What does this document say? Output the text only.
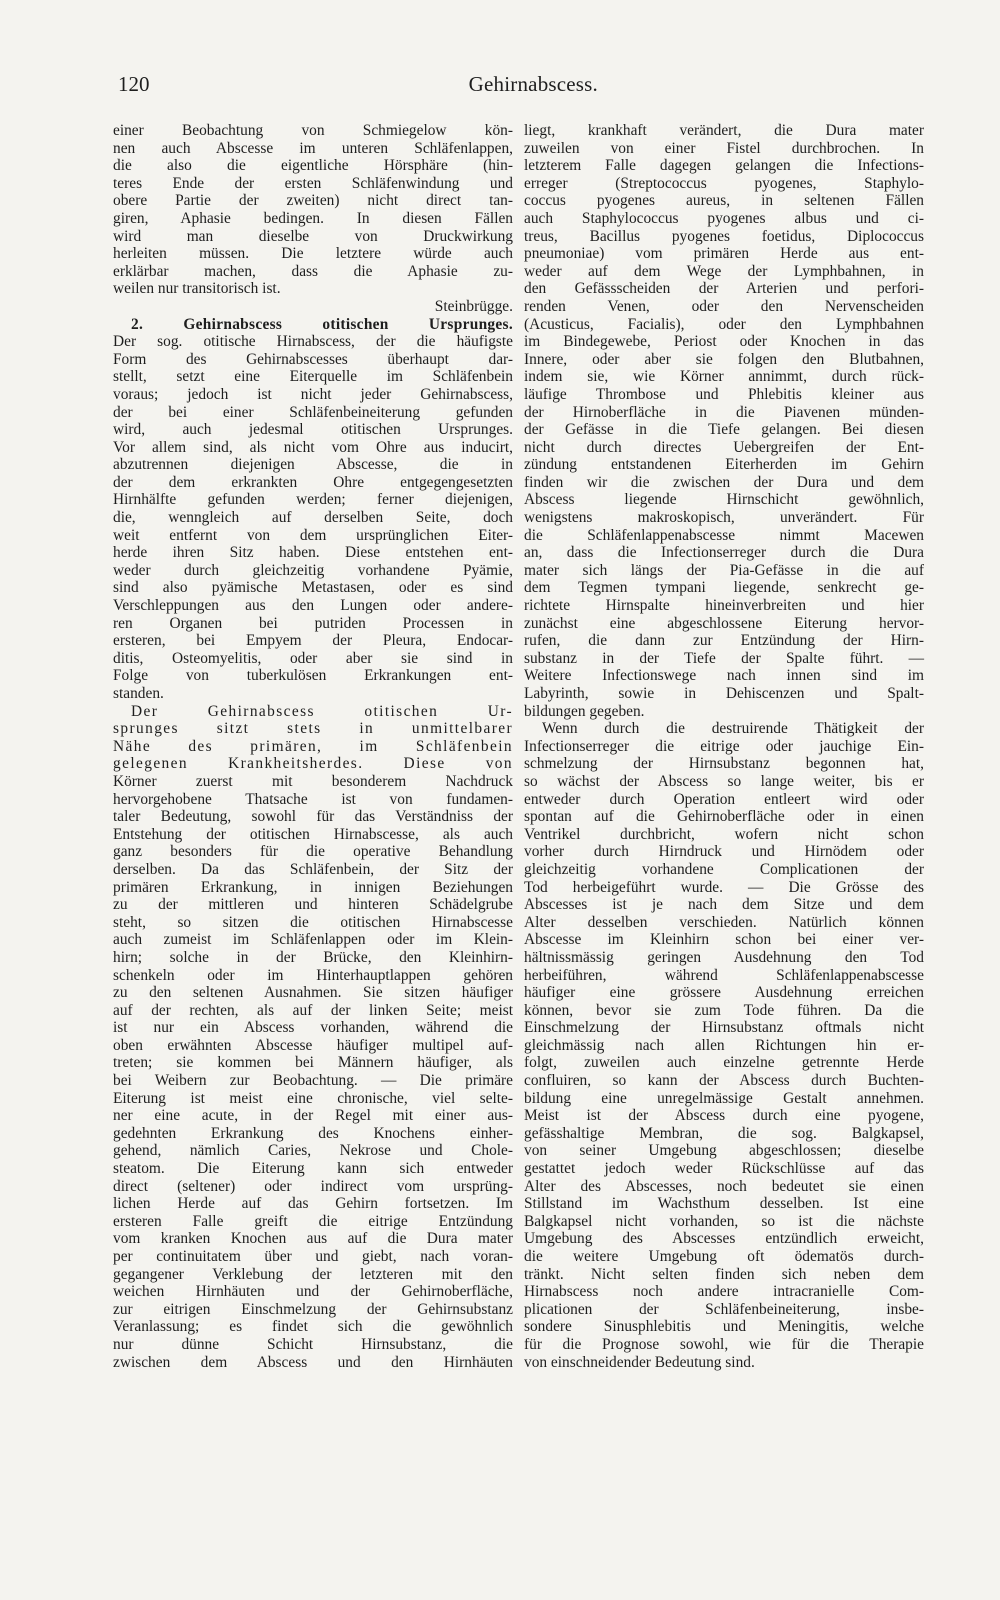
120	Gehirnabscess.
einer Beobachtung von Schmiegelow kön-
nen auch Abscesse im unteren Schläfenlappen,
die also die eigentliche Hörsphäre (hin-
teres Ende der ersten Schläfenwindung und
obere Partie der zweiten) nicht direct tan-
giren, Aphasie bedingen. In diesen Fällen
wird man dieselbe von Druckwirkung
herleiten müssen. Die letztere würde auch
erklärbar machen, dass die Aphasie zu-
weilen nur transitorisch ist.
Steinbrügge.
2. Gehirnabscess otitischen Ursprunges.
Der sog. otitische Hirnabscess, der die häufigste
Form des Gehirnabscesses überhaupt dar-
stellt, setzt eine Eiterquelle im Schläfenbein
voraus; jedoch ist nicht jeder Gehirnabscess,
der bei einer Schläfenbeineiterung gefunden
wird, auch jedesmal otitischen Ursprunges.
Vor allem sind, als nicht vom Ohre aus inducirt,
abzutrennen diejenigen Abscesse, die in
der dem erkrankten Ohre entgegengesetzten
Hirnhälfte gefunden werden; ferner diejenigen,
die, wenngleich auf derselben Seite, doch
weit entfernt von dem ursprünglichen Eiter-
herde ihren Sitz haben. Diese entstehen ent-
weder durch gleichzeitig vorhandene Pyämie,
sind also pyämische Metastasen, oder es sind
Verschleppungen aus den Lungen oder andere-
ren Organen bei putriden Processen in
ersteren, bei Empyem der Pleura, Endocar-
ditis, Osteomyelitis, oder aber sie sind in
Folge von tuberkulösen Erkrankungen ent-
standen.
Der Gehirnabscess otitischen Ur-
sprunges sitzt stets in unmittelbarer
Nähe des primären, im Schläfenbein
gelegenen Krankheitsherdes. Diese von
Körner zuerst mit besonderem Nachdruck
hervorgehobene Thatsache ist von fundamen-
taler Bedeutung, sowohl für das Verständniss der
Entstehung der otitischen Hirnabscesse, als auch
ganz besonders für die operative Behandlung
derselben. Da das Schläfenbein, der Sitz der
primären Erkrankung, in innigen Beziehungen
zu der mittleren und hinteren Schädelgrube
steht, so sitzen die otitischen Hirnabscesse
auch zumeist im Schläfenlappen oder im Klein-
hirn; solche in der Brücke, den Kleinhirn-
schenkeln oder im Hinterhauptlappen gehören
zu den seltenen Ausnahmen. Sie sitzen häufiger
auf der rechten, als auf der linken Seite; meist
ist nur ein Abscess vorhanden, während die
oben erwähnten Abscesse häufiger multipel auf-
treten; sie kommen bei Männern häufiger, als
bei Weibern zur Beobachtung. — Die primäre
Eiterung ist meist eine chronische, viel selte-
ner eine acute, in der Regel mit einer aus-
gedehnten Erkrankung des Knochens einher-
gehend, nämlich Caries, Nekrose und Chole-
steatom. Die Eiterung kann sich entweder
direct (seltener) oder indirect vom ursprüng-
lichen Herde auf das Gehirn fortsetzen. Im
ersteren Falle greift die eitrige Entzündung
vom kranken Knochen aus auf die Dura mater
per continuitatem über und giebt, nach voran-
gegangener Verklebung der letzteren mit den
weichen Hirnhäuten und der Gehirnoberfläche,
zur eitrigen Einschmelzung der Gehirnsubstanz
Veranlassung; es findet sich die gewöhnlich
nur dünne Schicht Hirnsubstanz, die
zwischen dem Abscess und den Hirnhäuten
liegt, krankhaft verändert, die Dura mater
zuweilen von einer Fistel durchbrochen. In
letzterem Falle dagegen gelangen die Infections-
erreger (Streptococcus pyogenes, Staphylo-
coccus pyogenes aureus, in seltenen Fällen
auch Staphylococcus pyogenes albus und ci-
treus, Bacillus pyogenes foetidus, Diplococcus
pneumoniae) vom primären Herde aus ent-
weder auf dem Wege der Lymphbahnen, in
den Gefässscheiden der Arterien und perfori-
renden Venen, oder den Nervenscheiden
(Acusticus, Facialis), oder den Lymphbahnen
im Bindegewebe, Periost oder Knochen in das
Innere, oder aber sie folgen den Blutbahnen,
indem sie, wie Körner annimmt, durch rück-
läufige Thrombose und Phlebitis kleiner aus
der Hirnoberfläche in die Piavenen münden-
der Gefässe in die Tiefe gelangen. Bei diesen
nicht durch directes Uebergreifen der Ent-
zündung entstandenen Eiterherden im Gehirn
finden wir die zwischen der Dura und dem
Abscess liegende Hirnschicht gewöhnlich,
wenigstens makroskopisch, unverändert. Für
die Schläfenlappenabscesse nimmt Macewen
an, dass die Infectionserreger durch die Dura
mater sich längs der Pia-Gefässe in die auf
dem Tegmen tympani liegende, senkrecht ge-
richtete Hirnspalte hineinverbreiten und hier
zunächst eine abgeschlossene Eiterung hervor-
rufen, die dann zur Entzündung der Hirn-
substanz in der Tiefe der Spalte führt. —
Weitere Infectionswege nach innen sind im
Labyrinth, sowie in Dehiscenzen und Spalt-
bildungen gegeben.
Wenn durch die destruirende Thätigkeit der
Infectionserreger die eitrige oder jauchige Ein-
schmelzung der Hirnsubstanz begonnen hat,
so wächst der Abscess so lange weiter, bis er
entweder durch Operation entleert wird oder
spontan auf die Gehirnoberfläche oder in einen
Ventrikel durchbricht, wofern nicht schon
vorher durch Hirndruck und Hirnödem oder
gleichzeitig vorhandene Complicationen der
Tod herbeigeführt wurde. — Die Grösse des
Abscesses ist je nach dem Sitze und dem
Alter desselben verschieden. Natürlich können
Abscesse im Kleinhirn schon bei einer ver-
hältnissmässig geringen Ausdehnung den Tod
herbeiführen, während Schläfenlappenabscesse
häufiger eine grössere Ausdehnung erreichen
können, bevor sie zum Tode führen. Da die
Einschmelzung der Hirnsubstanz oftmals nicht
gleichmässig nach allen Richtungen hin er-
folgt, zuweilen auch einzelne getrennte Herde
confluiren, so kann der Abscess durch Buchten-
bildung eine unregelmässige Gestalt annehmen.
Meist ist der Abscess durch eine pyogene,
gefässhaltige Membran, die sog. Balgkapsel,
von seiner Umgebung abgeschlossen; dieselbe
gestattet jedoch weder Rückschlüsse auf das
Alter des Abscesses, noch bedeutet sie einen
Stillstand im Wachsthum desselben. Ist eine
Balgkapsel nicht vorhanden, so ist die nächste
Umgebung des Abscesses entzündlich erweicht,
die weitere Umgebung oft ödematös durch-
tränkt. Nicht selten finden sich neben dem
Hirnabscess noch andere intracranielle Com-
plicationen der Schläfenbeineiterung, insbe-
sondere Sinusphlebitis und Meningitis, welche
für die Prognose sowohl, wie für die Therapie
von einschneidender Bedeutung sind.
